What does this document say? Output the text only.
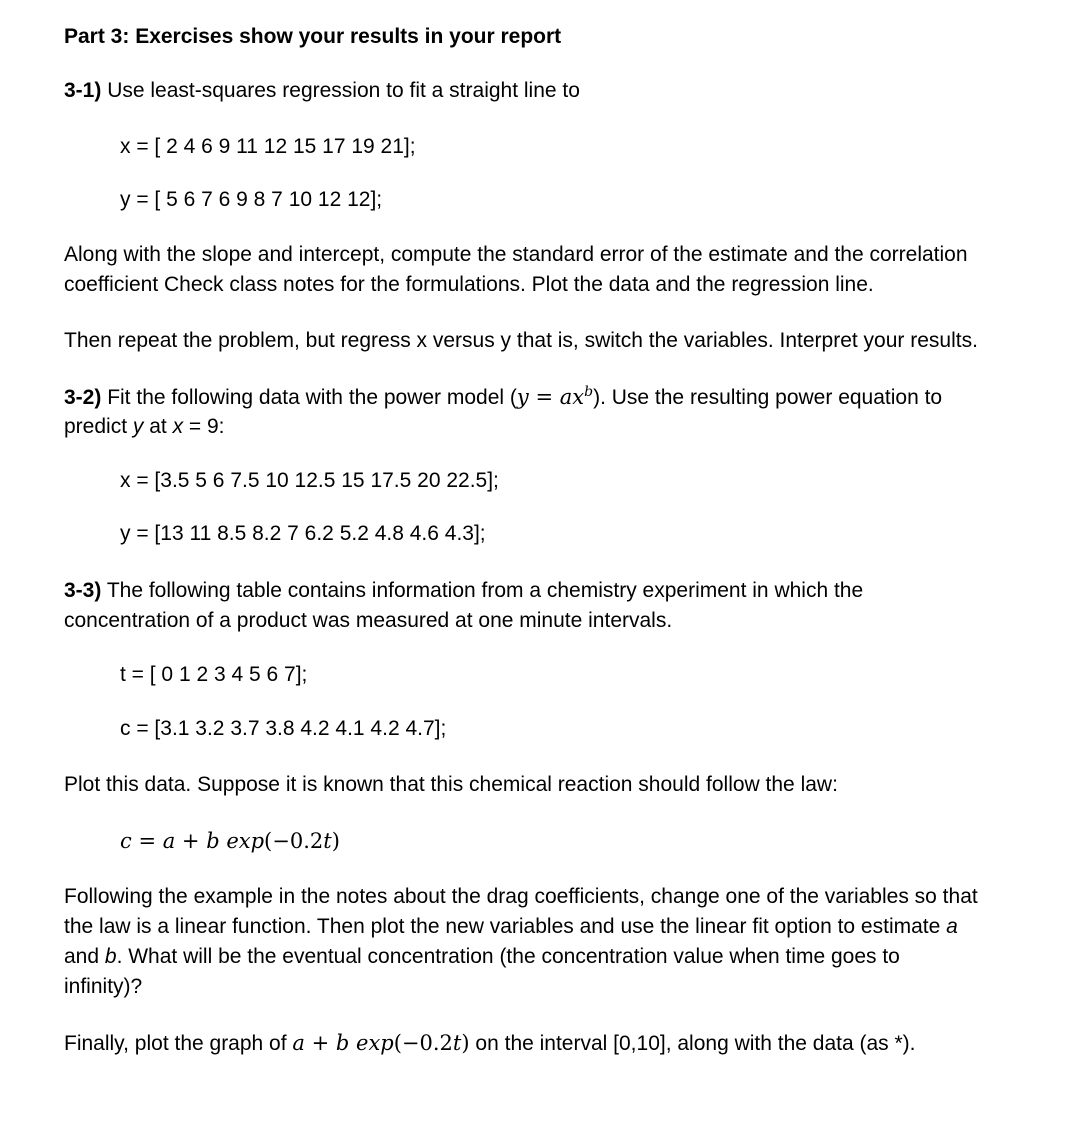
Part 3: Exercises show your results in your report
3-1) Use least-squares regression to fit a straight line to
x = [ 2 4 6 9 11 12 15 17 19 21];
y = [ 5 6 7 6 9 8 7 10 12 12];
Along with the slope and intercept, compute the standard error of the estimate and the correlation
coefficient Check class notes for the formulations. Plot the data and the regression line.
Then repeat the problem, but regress x versus y that is, switch the variables. Interpret your results.
3-2) Fit the following data with the power model $(y = ax^b)$. Use the resulting power equation to
predict y at x = 9:
x = [3.5 5 6 7.5 10 12.5 15 17.5 20 22.5];
y = [13 11 8.5 8.2 7 6.2 5.2 4.8 4.6 4.3];
3-3) The following table contains information from a chemistry experiment in which the
concentration of a product was measured at one minute intervals.
t = [ 0 1 2 3 4 5 6 7];
c = [3.1 3.2 3.7 3.8 4.2 4.1 4.2 4.7];
Plot this data. Suppose it is known that this chemical reaction should follow the law:
c = a + b exp(−0.2t)
Following the example in the notes about the drag coefficients, change one of the variables so that
the law is a linear function. Then plot the new variables and use the linear fit option to estimate a
and b. What will be the eventual concentration (the concentration value when time goes to
infinity)?
Finally, plot the graph of a + b exp(−0.2t) on the interval [0,10], along with the data (as *).
